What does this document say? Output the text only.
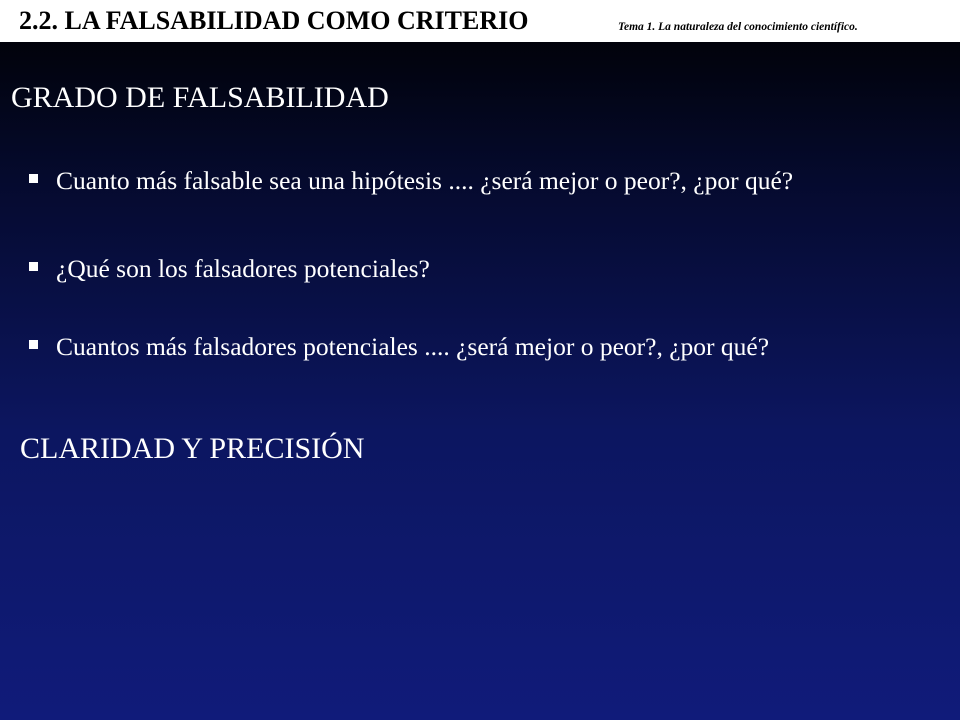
2.2. LA FALSABILIDAD COMO CRITERIO	Tema 1. La naturaleza del conocimiento científico.
GRADO DE FALSABILIDAD
Cuanto más falsable sea una hipótesis .... ¿será mejor o peor?, ¿por qué?
¿Qué son los falsadores potenciales?
Cuantos más falsadores potenciales .... ¿será mejor o peor?, ¿por qué?
CLARIDAD Y PRECISIÓN
